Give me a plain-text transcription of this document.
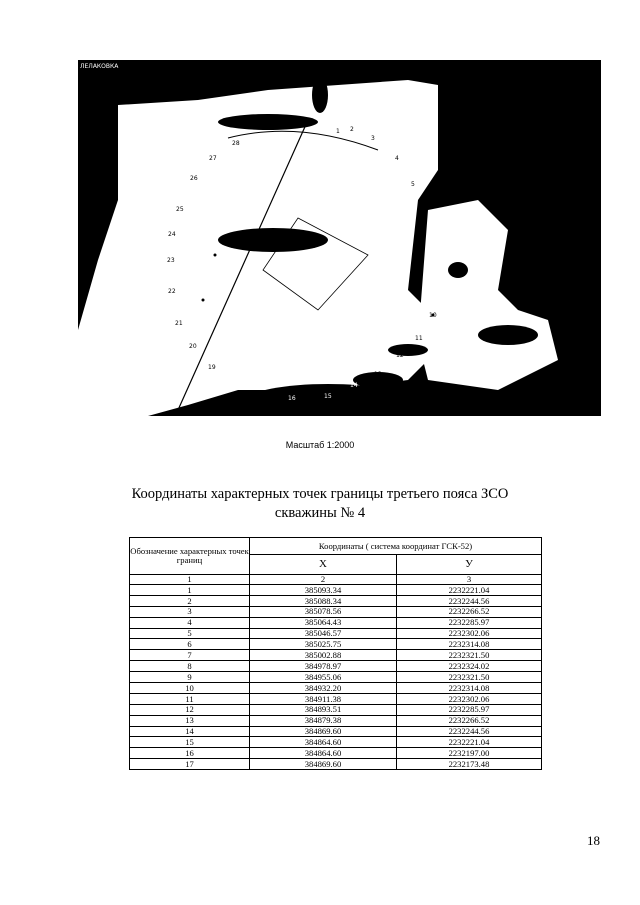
ЛЕЛАКОВКА
1 2
3
4
5
10
11
12
13
14
15
16
19
20
21
22
23
24
25
26
27
28
Масштаб 1:2000
Координаты характерных точек границы третьего пояса ЗСО
скважины № 4
Обозначение характерных точек границ	Координаты ( система координат ГСК-52)	
	X	У
1	2	3
1	385093.34	2232221.04
2	385088.34	2232244.56
3	385078.56	2232266.52
4	385064.43	2232285.97
5	385046.57	2232302.06
6	385025.75	2232314.08
7	385002.88	2232321.50
8	384978.97	2232324.02
9	384955.06	2232321.50
10	384932.20	2232314.08
11	384911.38	2232302.06
12	384893.51	2232285.97
13	384879.38	2232266.52
14	384869.60	2232244.56
15	384864.60	2232221.04
16	384864.60	2232197.00
17	384869.60	2232173.48
18
